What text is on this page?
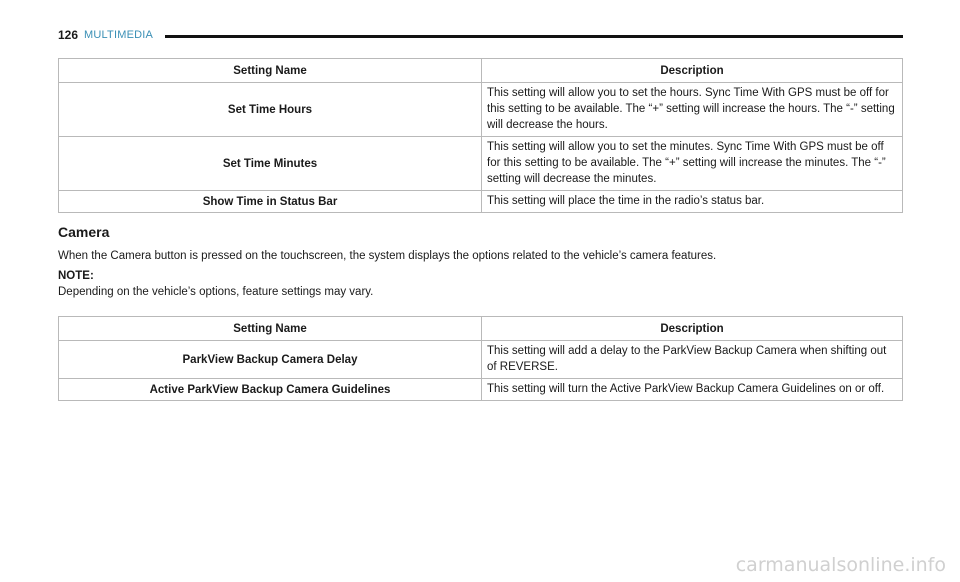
126 MULTIMEDIA
Setting Name	Description
Set Time Hours	This setting will allow you to set the hours. Sync Time With GPS must be off for this setting to be available. The “+” setting will increase the hours. The “-” setting will decrease the hours.
Set Time Minutes	This setting will allow you to set the minutes. Sync Time With GPS must be off for this setting to be available. The “+” setting will increase the minutes. The “-” setting will decrease the minutes.
Show Time in Status Bar	This setting will place the time in the radio’s status bar.
Camera
When the Camera button is pressed on the touchscreen, the system displays the options related to the vehicle’s camera features.
NOTE:
Depending on the vehicle’s options, feature settings may vary.
Setting Name	Description
ParkView Backup Camera Delay	This setting will add a delay to the ParkView Backup Camera when shifting out of REVERSE.
Active ParkView Backup Camera Guidelines	This setting will turn the Active ParkView Backup Camera Guidelines on or off.
carmanualsonline.info
